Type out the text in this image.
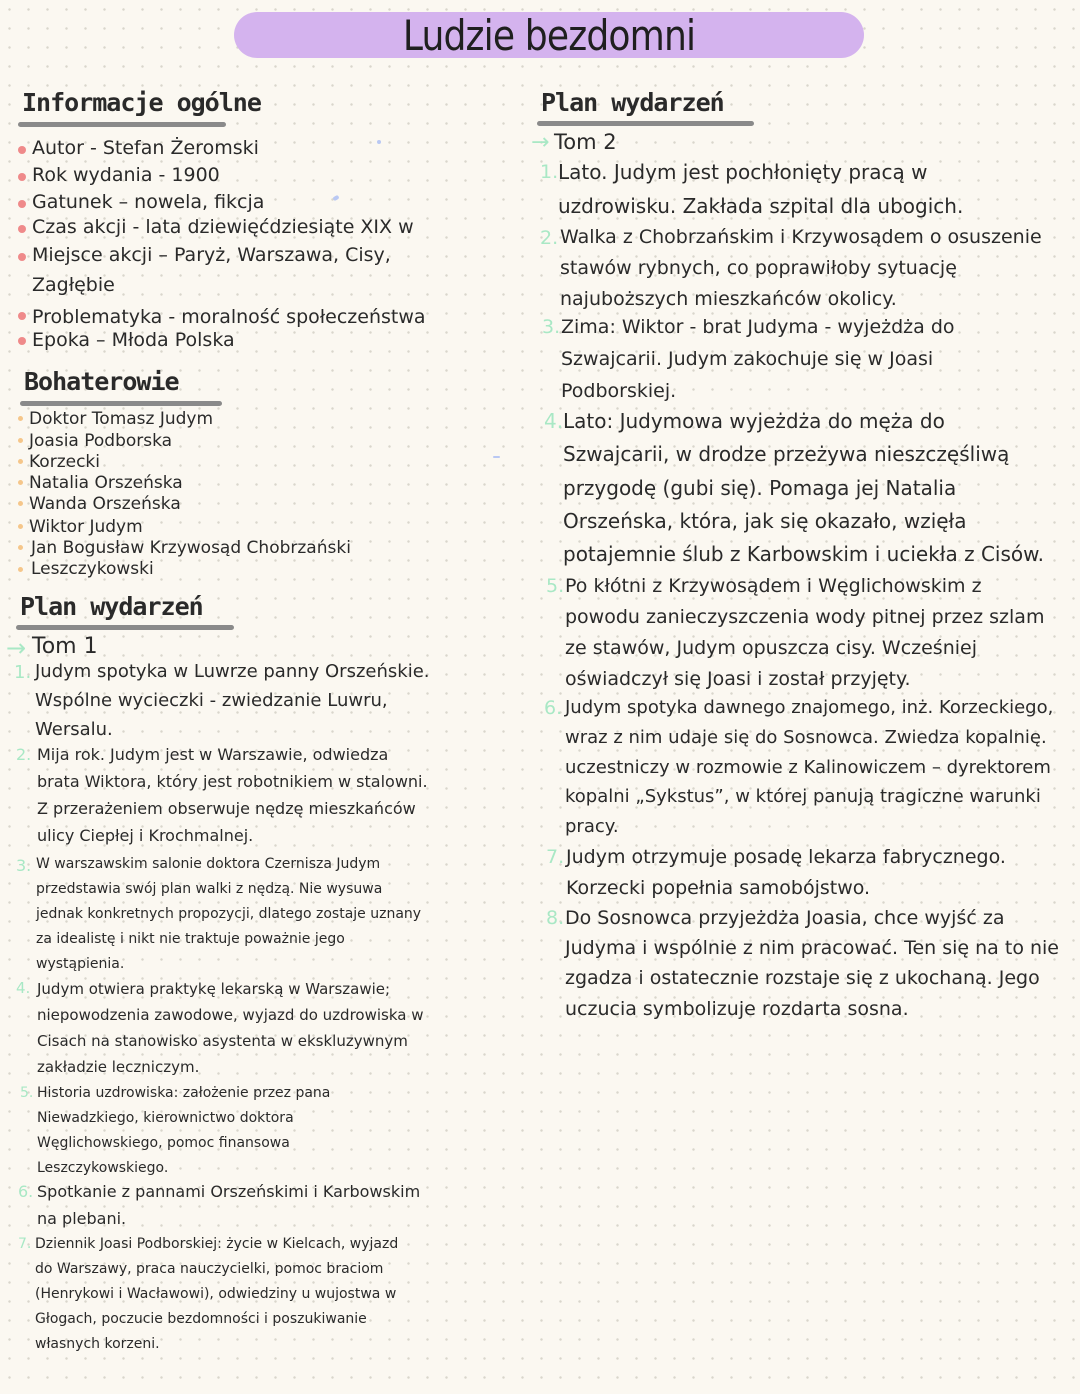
Ludzie bezdomni
Informacje ogólne
Autor - Stefan Żeromski
Rok wydania - 1900
Gatunek – nowela, fikcja
Czas akcji - lata dziewięćdziesiąte XIX w
Miejsce akcji – Paryż, Warszawa, Cisy,
Zagłębie
Problematyka - moralność społeczeństwa
Epoka – Młoda Polska
Bohaterowie
Doktor Tomasz Judym
Joasia Podborska
Korzecki
Natalia Orszeńska
Wanda Orszeńska
Wiktor Judym
Jan Bogusław Krzywosąd Chobrzański
Leszczykowski
Plan wydarzeń
→ Tom 1
1. Judym spotyka w Luwrze panny Orszeńskie.
Wspólne wycieczki - zwiedzanie Luwru,
Wersalu.
2. Mija rok. Judym jest w Warszawie, odwiedza
brata Wiktora, który jest robotnikiem w stalowni.
Z przerażeniem obserwuje nędzę mieszkańców
ulicy Ciepłej i Krochmalnej.
3. W warszawskim salonie doktora Czernisza Judym
przedstawia swój plan walki z nędzą. Nie wysuwa
jednak konkretnych propozycji, dlatego zostaje uznany
za idealistę i nikt nie traktuje poważnie jego
wystąpienia.
4. Judym otwiera praktykę lekarską w Warszawie;
niepowodzenia zawodowe, wyjazd do uzdrowiska w
Cisach na stanowisko asystenta w ekskluzywnym
zakładzie leczniczym.
5. Historia uzdrowiska: założenie przez pana
Niewadzkiego, kierownictwo doktora
Węglichowskiego, pomoc finansowa
Leszczykowskiego.
6. Spotkanie z pannami Orszeńskimi i Karbowskim
na plebani.
7. Dziennik Joasi Podborskiej: życie w Kielcach, wyjazd
do Warszawy, praca nauczycielki, pomoc braciom
(Henrykowi i Wacławowi), odwiedziny u wujostwa w
Głogach, poczucie bezdomności i poszukiwanie
własnych korzeni.
Plan wydarzeń
→ Tom 2
1. Lato. Judym jest pochłonięty pracą w
uzdrowisku. Zakłada szpital dla ubogich.
2. Walka z Chobrzańskim i Krzywosądem o osuszenie
stawów rybnych, co poprawiłoby sytuację
najuboższych mieszkańców okolicy.
3. Zima: Wiktor - brat Judyma - wyjeżdża do
Szwajcarii. Judym zakochuje się w Joasi
Podborskiej.
4. Lato: Judymowa wyjeżdża do męża do
Szwajcarii, w drodze przeżywa nieszczęśliwą
przygodę (gubi się). Pomaga jej Natalia
Orszeńska, która, jak się okazało, wzięła
potajemnie ślub z Karbowskim i uciekła z Cisów.
5. Po kłótni z Krzywosądem i Węglichowskim z
powodu zanieczyszczenia wody pitnej przez szlam
ze stawów, Judym opuszcza cisy. Wcześniej
oświadczył się Joasi i został przyjęty.
6. Judym spotyka dawnego znajomego, inż. Korzeckiego,
wraz z nim udaje się do Sosnowca. Zwiedza kopalnię.
uczestniczy w rozmowie z Kalinowiczem – dyrektorem
kopalni „Sykstus”, w której panują tragiczne warunki
pracy.
7. Judym otrzymuje posadę lekarza fabrycznego.
Korzecki popełnia samobójstwo.
8. Do Sosnowca przyjeżdża Joasia, chce wyjść za
Judyma i wspólnie z nim pracować. Ten się na to nie
zgadza i ostatecznie rozstaje się z ukochaną. Jego
uczucia symbolizuje rozdarta sosna.
